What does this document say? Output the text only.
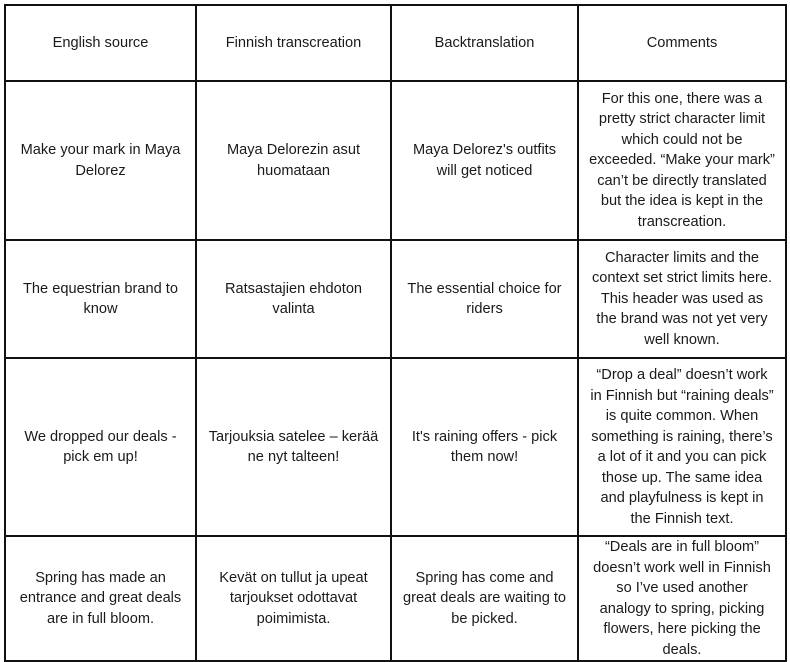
English source	Finnish transcreation	Backtranslation	Comments
Make your mark in Maya Delorez	Maya Delorezin asut huomataan	Maya Delorez's outfits will get noticed	For this one, there was a pretty strict character limit which could not be exceeded. “Make your mark” can’t be directly translated but the idea is kept in the transcreation.
The equestrian brand to know	Ratsastajien ehdoton valinta	The essential choice for riders	Character limits and the context set strict limits here. This header was used as the brand was not yet very well known.
We dropped our deals - pick em up!	Tarjouksia satelee – kerää ne nyt talteen!	It's raining offers - pick them now!	“Drop a deal” doesn’t work in Finnish but “raining deals” is quite common. When something is raining, there’s a lot of it and you can pick those up. The same idea and playfulness is kept in the Finnish text.
Spring has made an entrance and great deals are in full bloom.	Kevät on tullut ja upeat tarjoukset odottavat poimimista.	Spring has come and great deals are waiting to be picked.	“Deals are in full bloom” doesn’t work well in Finnish so I’ve used another analogy to spring, picking flowers, here picking the deals.
